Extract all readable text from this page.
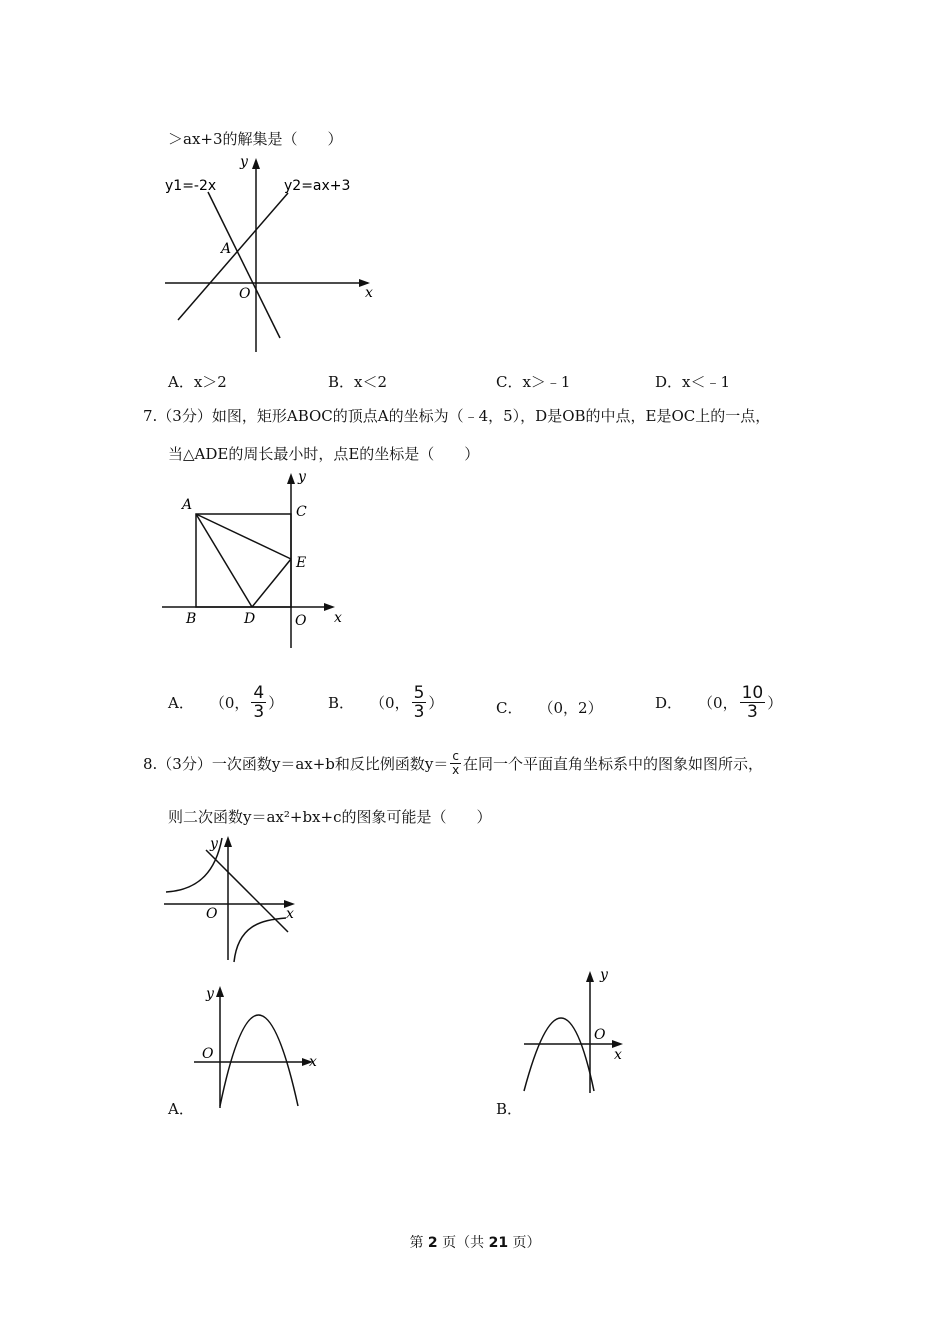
＞ax+3的解集是（　　）
y1=-2x	y2=ax+3
A
O	x
y
A．x＞2	B．x＜2	C．x＞﹣1	D．x＜﹣1
7.（3分）如图，矩形ABOC的顶点A的坐标为（﹣4，5），D是OB的中点，E是OC上的一点，
当△ADE的周长最小时，点E的坐标是（　　）
A
B
C
D
E
O x
y
A． （0， $\frac{4}{3}$ ）	B． （0， $\frac{5}{3}$ ）	C． （0，2）	D． （0， $\frac{10}{3}$ ）
8.（3分）一次函数y＝ax+b和反比例函数$y= \frac{c}{x}$ 在同一个平面直角坐标系中的图象如图所示，
则二次函数y＝ax²+bx+c的图象可能是（　　）
O	x
y
O	x
y
A．
O
x
y
B．
第 2 页（共 21 页）
